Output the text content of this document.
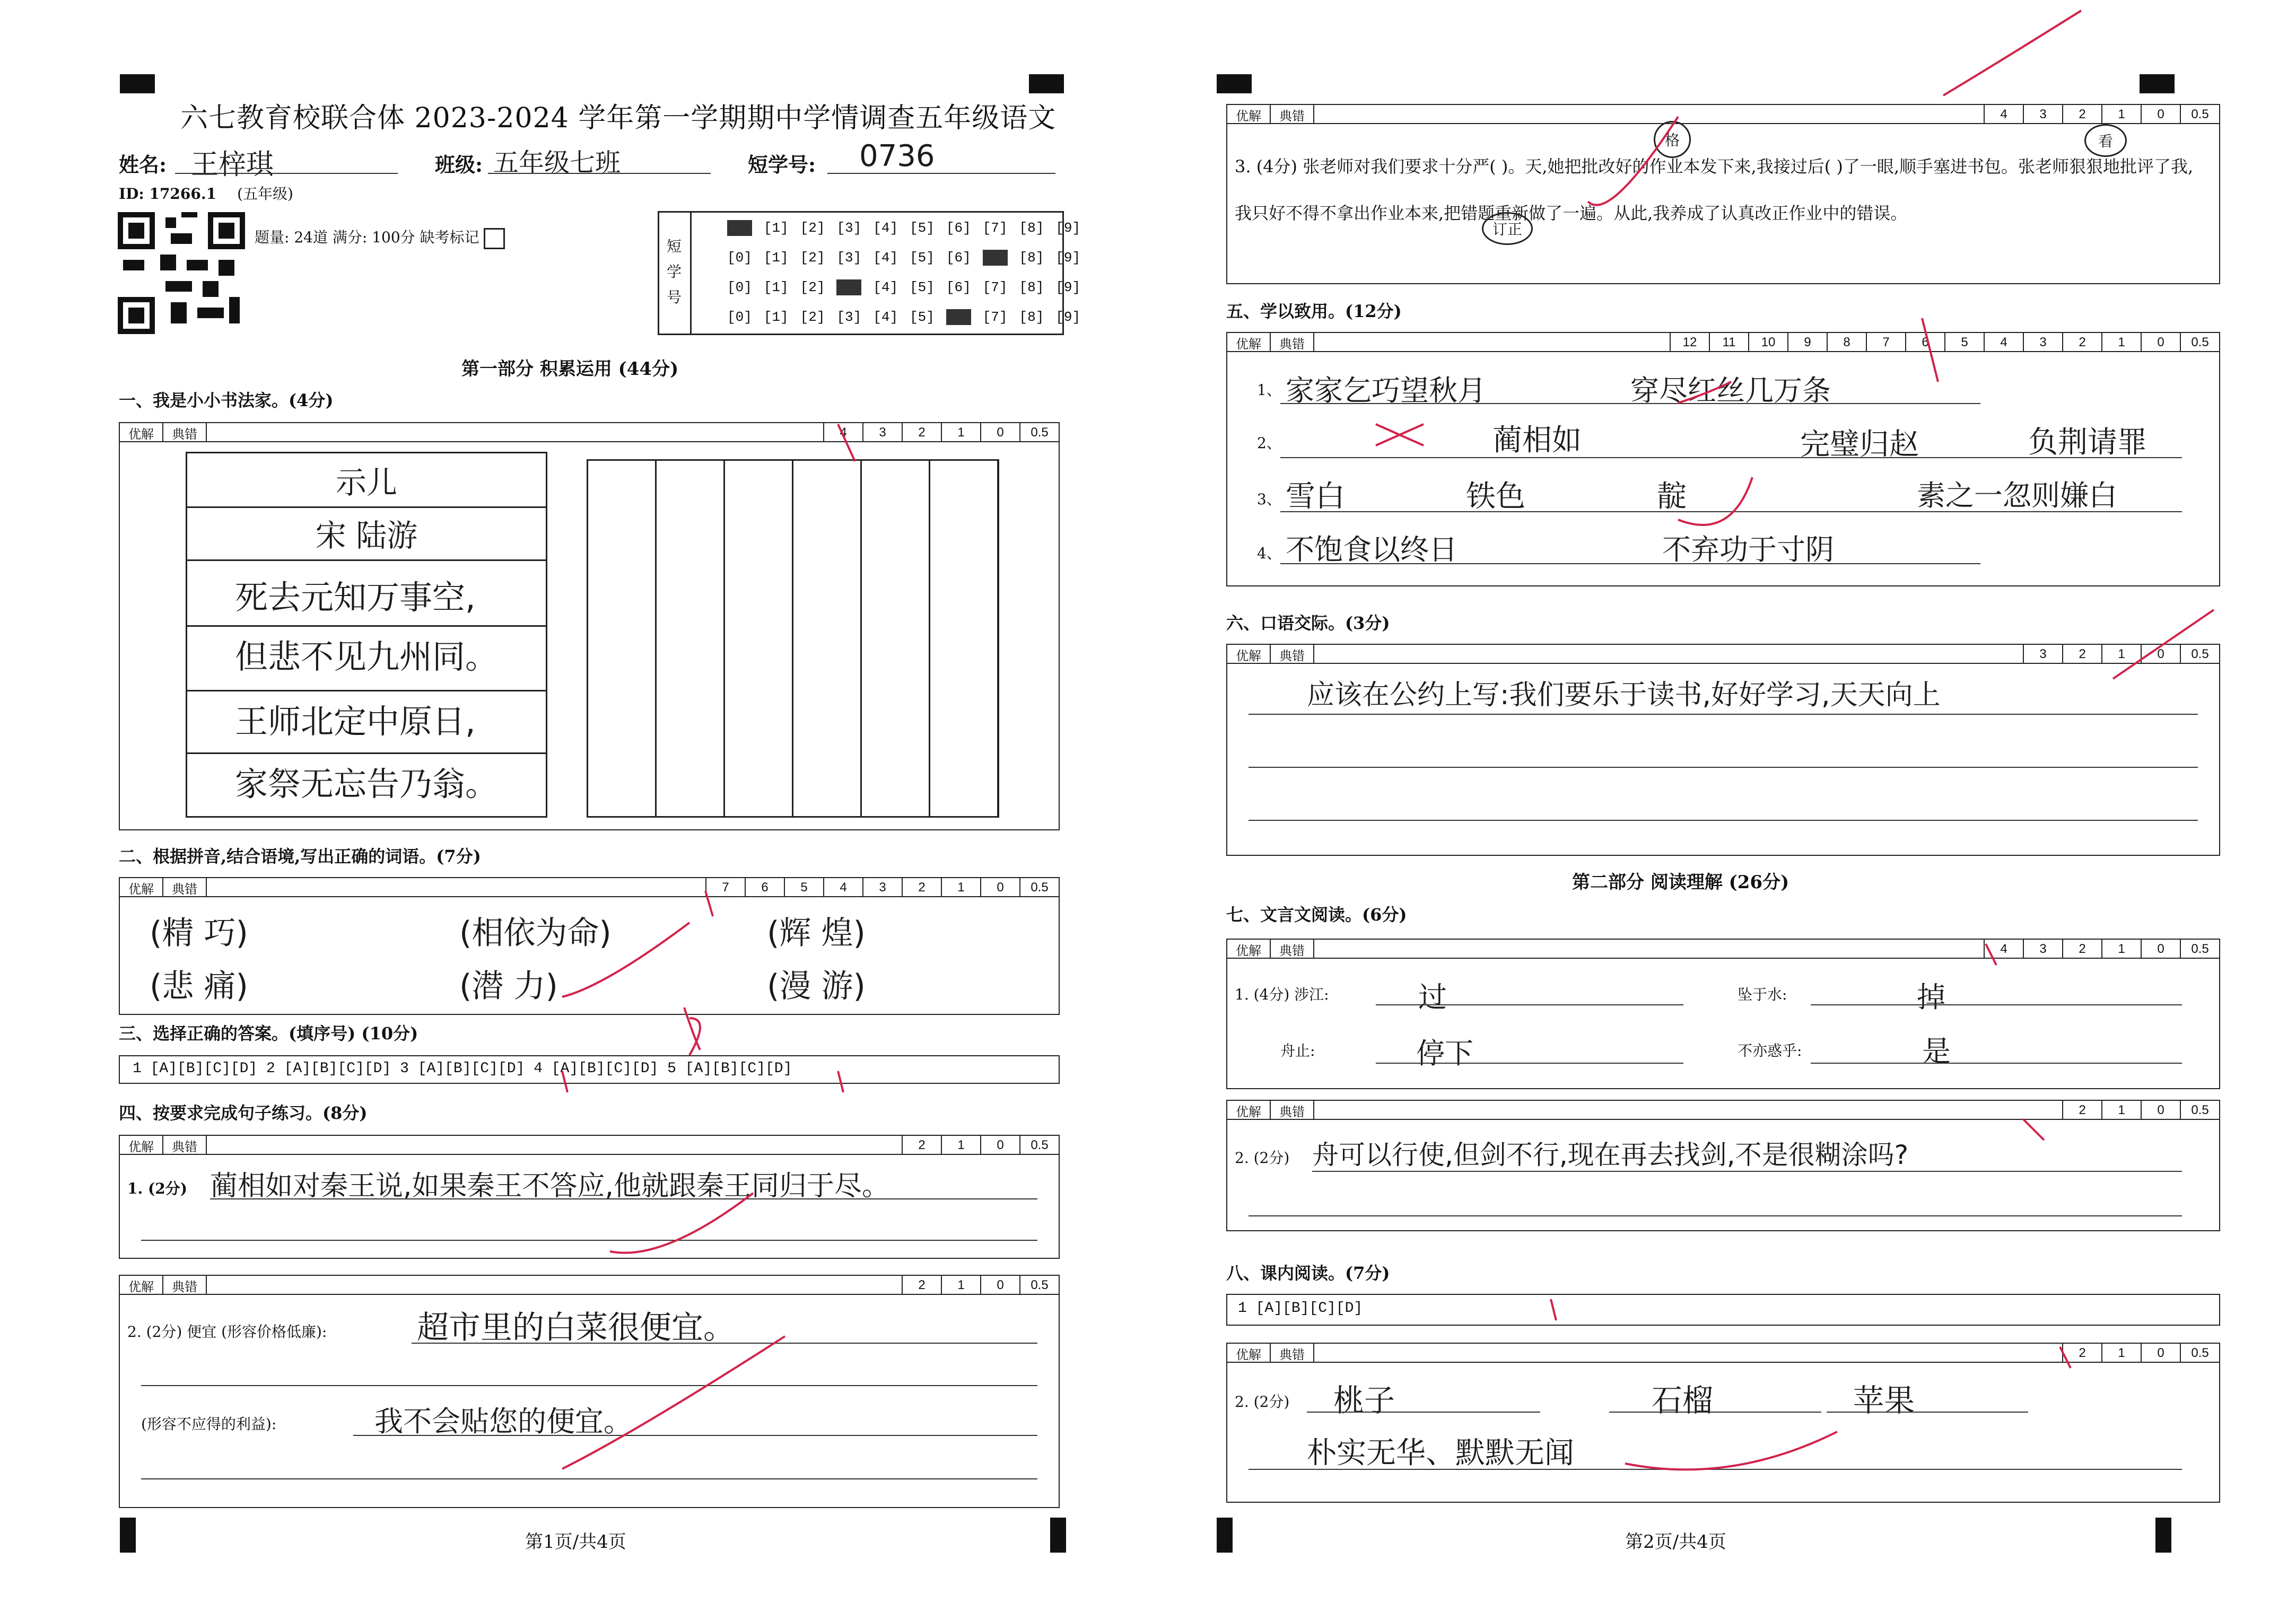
六七教育校联合体 2023-2024 学年第一学期期中学情调查五年级语文
姓名: 王梓琪	班级: 五年级七班	短学号: 0736
ID: 17266.1 (五年级)
题量: 24道 满分: 100分 缺考标记
短
学
号
[0] [1] [2] [3] [4] [5] [6] [7] [8] [9]
[0] [1] [2] [3] [4] [5] [6] [7] [8] [9]
[0] [1] [2] [3] [4] [5] [6] [7] [8] [9]
[0] [1] [2] [3] [4] [5] [6] [7] [8] [9]
第一部分 积累运用 (44分)
一、我是小小书法家。(4分)
优解	典错	4	3	2	1	0	0.5
示儿
宋 陆游
死去元知万事空,
但悲不见九州同。
王师北定中原日,
家祭无忘告乃翁。
二、根据拼音,结合语境,写出正确的词语。(7分)
优解	典错	7	6	5	4	3	2	1	0	0.5
(精 巧)	(相依为命)	(辉 煌)
(悲 痛)	(潜 力)	(漫 游)
三、选择正确的答案。(填序号) (10分)
1 [A][B][C][D] 2 [A][B][C][D] 3 [A][B][C][D] 4 [A][B][C][D] 5 [A][B][C][D]
四、按要求完成句子练习。(8分)
优解	典错	2	1	0	0.5
1. (2分) 蔺相如对秦王说,如果秦王不答应,他就跟秦王同归于尽。
优解	典错	2	1	0	0.5
2. (2分) 便宜 (形容价格低廉):	超市里的白菜很便宜。
(形容不应得的利益):	我不会贴您的便宜。
第1页/共4页
优解	典错	4	3	2	1	0	0.5
3. (4分) 张老师对我们要求十分严( )。天,她把批改好的作业本发下来,我接过后( )了一眼,顺手塞进书包。张老师狠狠地批评了我,我只好不得不拿出作业本来,把错题重新做了一遍。从此,我养成了认真改正作业中的错误。
格	看
订正
五、学以致用。(12分)
优解	典错	12	11	10	9	8	7	6	5	4	3	2	1	0	0.5
1、 家家乞巧望秋月	穿尽红丝几万条
2、	蔺相如	完璧归赵	负荆请罪
3、 雪白	铁色	靛	素之一忽则嫌白
4、 不饱食以终日	不弃功于寸阴
六、口语交际。(3分)
优解	典错	3	2	1	0	0.5
应该在公约上写:我们要乐于读书,好好学习,天天向上
第二部分 阅读理解 (26分)
七、文言文阅读。(6分)
优解	典错	4	3	2	1	0	0.5
1. (4分) 涉江:	过	坠于水:	掉
舟止:	停下	不亦惑乎:	是
优解	典错	2	1	0	0.5
2. (2分) 舟可以行使,但剑不行,现在再去找剑,不是很糊涂吗?
八、课内阅读。(7分)
1 [A][B][C][D]
优解	典错	2	1	0	0.5
2. (2分) 桃子	石榴	苹果
朴实无华、默默无闻
第2页/共4页
